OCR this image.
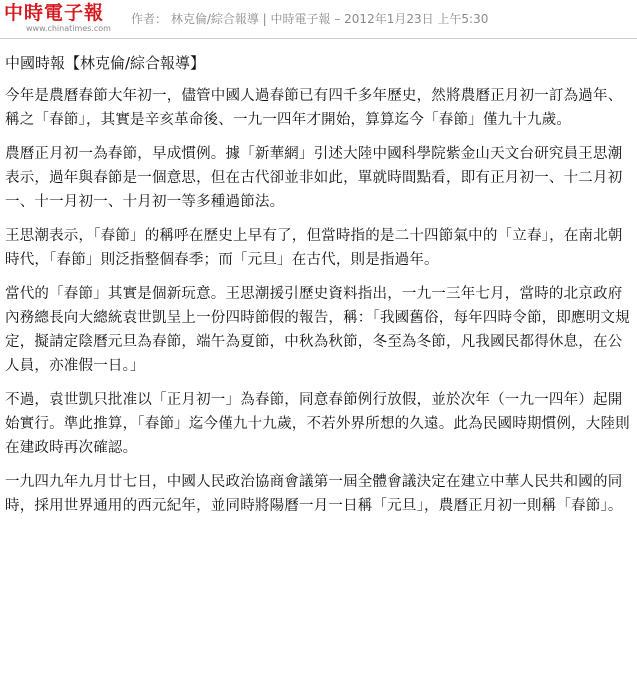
中時電子報
www.chinatimes.com
作者： 林克倫/綜合報導 | 中時電子報 – 2012年1月23日 上午5:30

中國時報【林克倫/綜合報導】

今年是農曆春節大年初一，儘管中國人過春節已有四千多年歷史，然將農曆正月初一訂為過年、稱之「春節」，其實是辛亥革命後、一九一四年才開始，算算迄今「春節」僅九十九歲。

農曆正月初一為春節，早成慣例。據「新華網」引述大陸中國科學院紫金山天文台研究員王思潮表示，過年與春節是一個意思，但在古代卻並非如此，單就時間點看，即有正月初一、十二月初一、十一月初一、十月初一等多種過節法。

王思潮表示，「春節」的稱呼在歷史上早有了，但當時指的是二十四節氣中的「立春」，在南北朝時代，「春節」則泛指整個春季；而「元旦」在古代，則是指過年。

當代的「春節」其實是個新玩意。王思潮援引歷史資料指出，一九一三年七月，當時的北京政府內務總長向大總統袁世凱呈上一份四時節假的報告，稱：「我國舊俗，每年四時令節，即應明文規定，擬請定陰曆元旦為春節，端午為夏節，中秋為秋節，冬至為冬節，凡我國民都得休息，在公人員，亦准假一日。」

不過，袁世凱只批准以「正月初一」為春節，同意春節例行放假，並於次年（一九一四年）起開始實行。準此推算，「春節」迄今僅九十九歲，不若外界所想的久遠。此為民國時期慣例，大陸則在建政時再次確認。

一九四九年九月廿七日，中國人民政治協商會議第一屆全體會議決定在建立中華人民共和國的同時，採用世界通用的西元紀年，並同時將陽曆一月一日稱「元旦」，農曆正月初一則稱「春節」。
